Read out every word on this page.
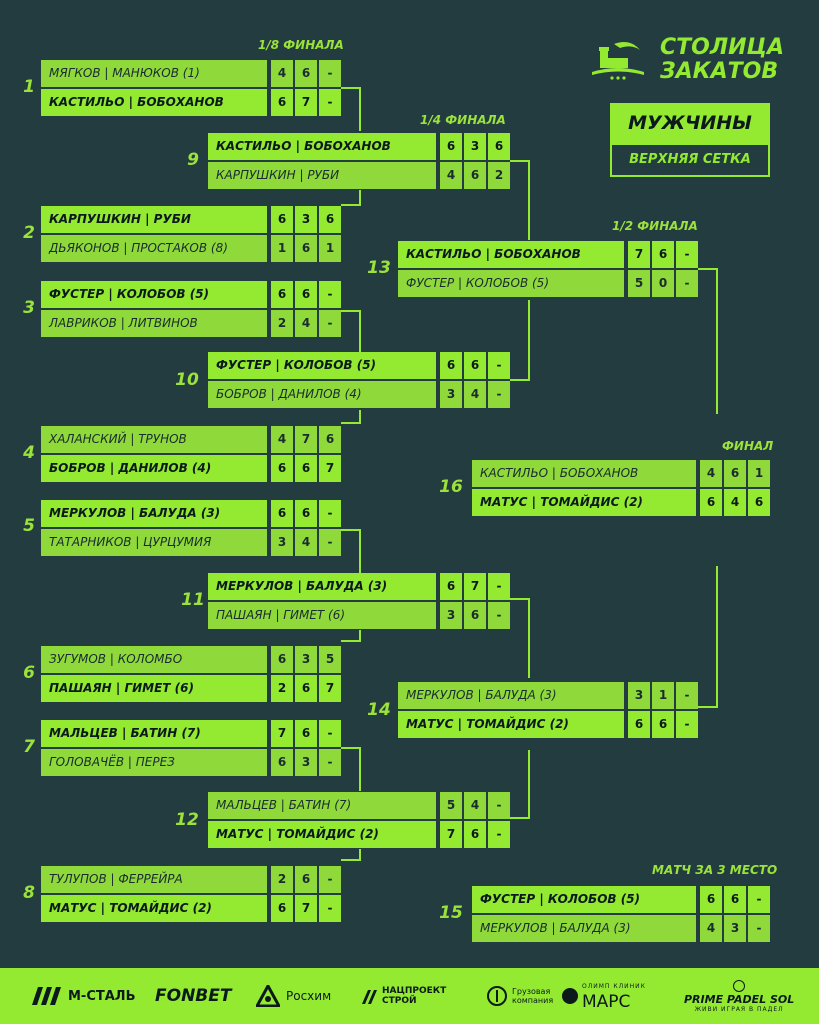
1/8 ФИНАЛА
1/4 ФИНАЛА
1/2 ФИНАЛА
ФИНАЛ
МАТЧ ЗА 3 МЕСТО
СТОЛИЦА
ЗАКАТОВ
МУЖЧИНЫ
ВЕРХНЯЯ СЕТКА
1
МЯГКОВ | МАНЮКОВ (1)	4	6	-
КАСТИЛЬО | БОБОХАНОВ	6	7	-
2
КАРПУШКИН | РУБИ	6	3	6
ДЬЯКОНОВ | ПРОСТАКОВ (8)	1	6	1
3
ФУСТЕР | КОЛОБОВ (5)	6	6	-
ЛАВРИКОВ | ЛИТВИНОВ	2	4	-
4
ХАЛАНСКИЙ | ТРУНОВ	4	7	6
БОБРОВ | ДАНИЛОВ (4)	6	6	7
5
МЕРКУЛОВ | БАЛУДА (3)	6	6	-
ТАТАРНИКОВ | ЦУРЦУМИЯ	3	4	-
6
ЗУГУМОВ | КОЛОМБО	6	3	5
ПАШАЯН | ГИМЕТ (6)	2	6	7
7
МАЛЬЦЕВ | БАТИН (7)	7	6	-
ГОЛОВАЧЁВ | ПЕРЕЗ	6	3	-
8
ТУЛУПОВ | ФЕРРЕЙРА	2	6	-
МАТУС | ТОМАЙДИС (2)	6	7	-
9
КАСТИЛЬО | БОБОХАНОВ	6	3	6
КАРПУШКИН | РУБИ	4	6	2
10
ФУСТЕР | КОЛОБОВ (5)	6	6	-
БОБРОВ | ДАНИЛОВ (4)	3	4	-
11
МЕРКУЛОВ | БАЛУДА (3)	6	7	-
ПАШАЯН | ГИМЕТ (6)	3	6	-
12
МАЛЬЦЕВ | БАТИН (7)	5	4	-
МАТУС | ТОМАЙДИС (2)	7	6	-
13
КАСТИЛЬО | БОБОХАНОВ	7	6	-
ФУСТЕР | КОЛОБОВ (5)	5	0	-
14
МЕРКУЛОВ | БАЛУДА (3)	3	1	-
МАТУС | ТОМАЙДИС (2)	6	6	-
16
КАСТИЛЬО | БОБОХАНОВ	4	6	1
МАТУС | ТОМАЙДИС (2)	6	4	6
15
ФУСТЕР | КОЛОБОВ (5)	6	6	-
МЕРКУЛОВ | БАЛУДА (3)	4	3	-
М-СТАЛЬ FONBET	Росхим	НАЦПРОЕКТ
СТРОЙ
Грузовая
компания
ОЛИМП КЛИНИК
МАРС	PRIME PADEL SOL
ЖИВИ ИГРАЯ В ПАДЕЛ
